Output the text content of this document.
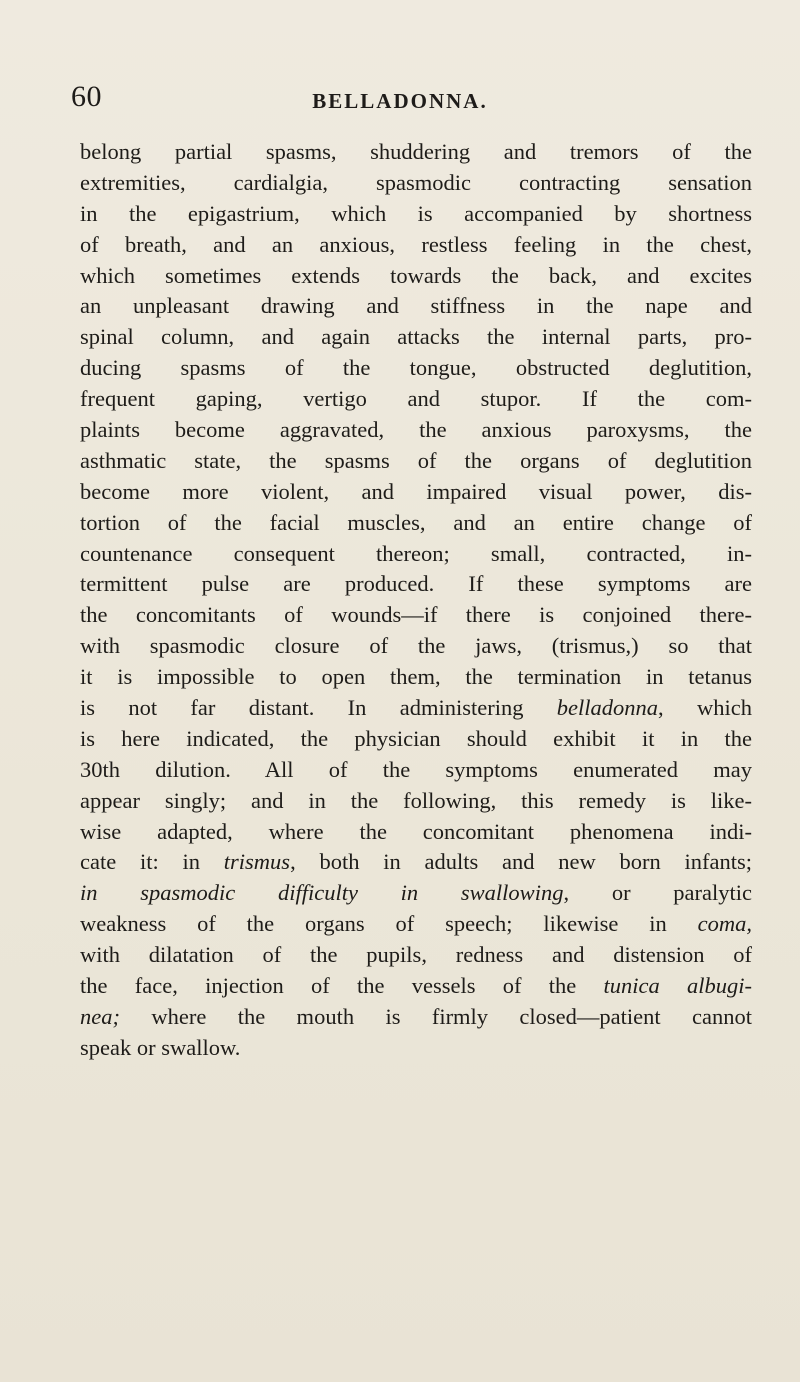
60	BELLADONNA.
belong partial spasms, shuddering and tremors of the
extremities, cardialgia, spasmodic contracting sensation
in the epigastrium, which is accompanied by shortness
of breath, and an anxious, restless feeling in the chest,
which sometimes extends towards the back, and excites
an unpleasant drawing and stiffness in the nape and
spinal column, and again attacks the internal parts, pro-
ducing spasms of the tongue, obstructed deglutition,
frequent gaping, vertigo and stupor. If the com-
plaints become aggravated, the anxious paroxysms, the
asthmatic state, the spasms of the organs of deglutition
become more violent, and impaired visual power, dis-
tortion of the facial muscles, and an entire change of
countenance consequent thereon; small, contracted, in-
termittent pulse are produced. If these symptoms are
the concomitants of wounds—if there is conjoined there-
with spasmodic closure of the jaws, (trismus,) so that
it is impossible to open them, the termination in tetanus
is not far distant. In administering belladonna, which
is here indicated, the physician should exhibit it in the
30th dilution. All of the symptoms enumerated may
appear singly; and in the following, this remedy is like-
wise adapted, where the concomitant phenomena indi-
cate it: in trismus, both in adults and new born infants;
in spasmodic difficulty in swallowing, or paralytic
weakness of the organs of speech; likewise in coma,
with dilatation of the pupils, redness and distension of
the face, injection of the vessels of the tunica albugi-
nea; where the mouth is firmly closed—patient cannot
speak or swallow.
